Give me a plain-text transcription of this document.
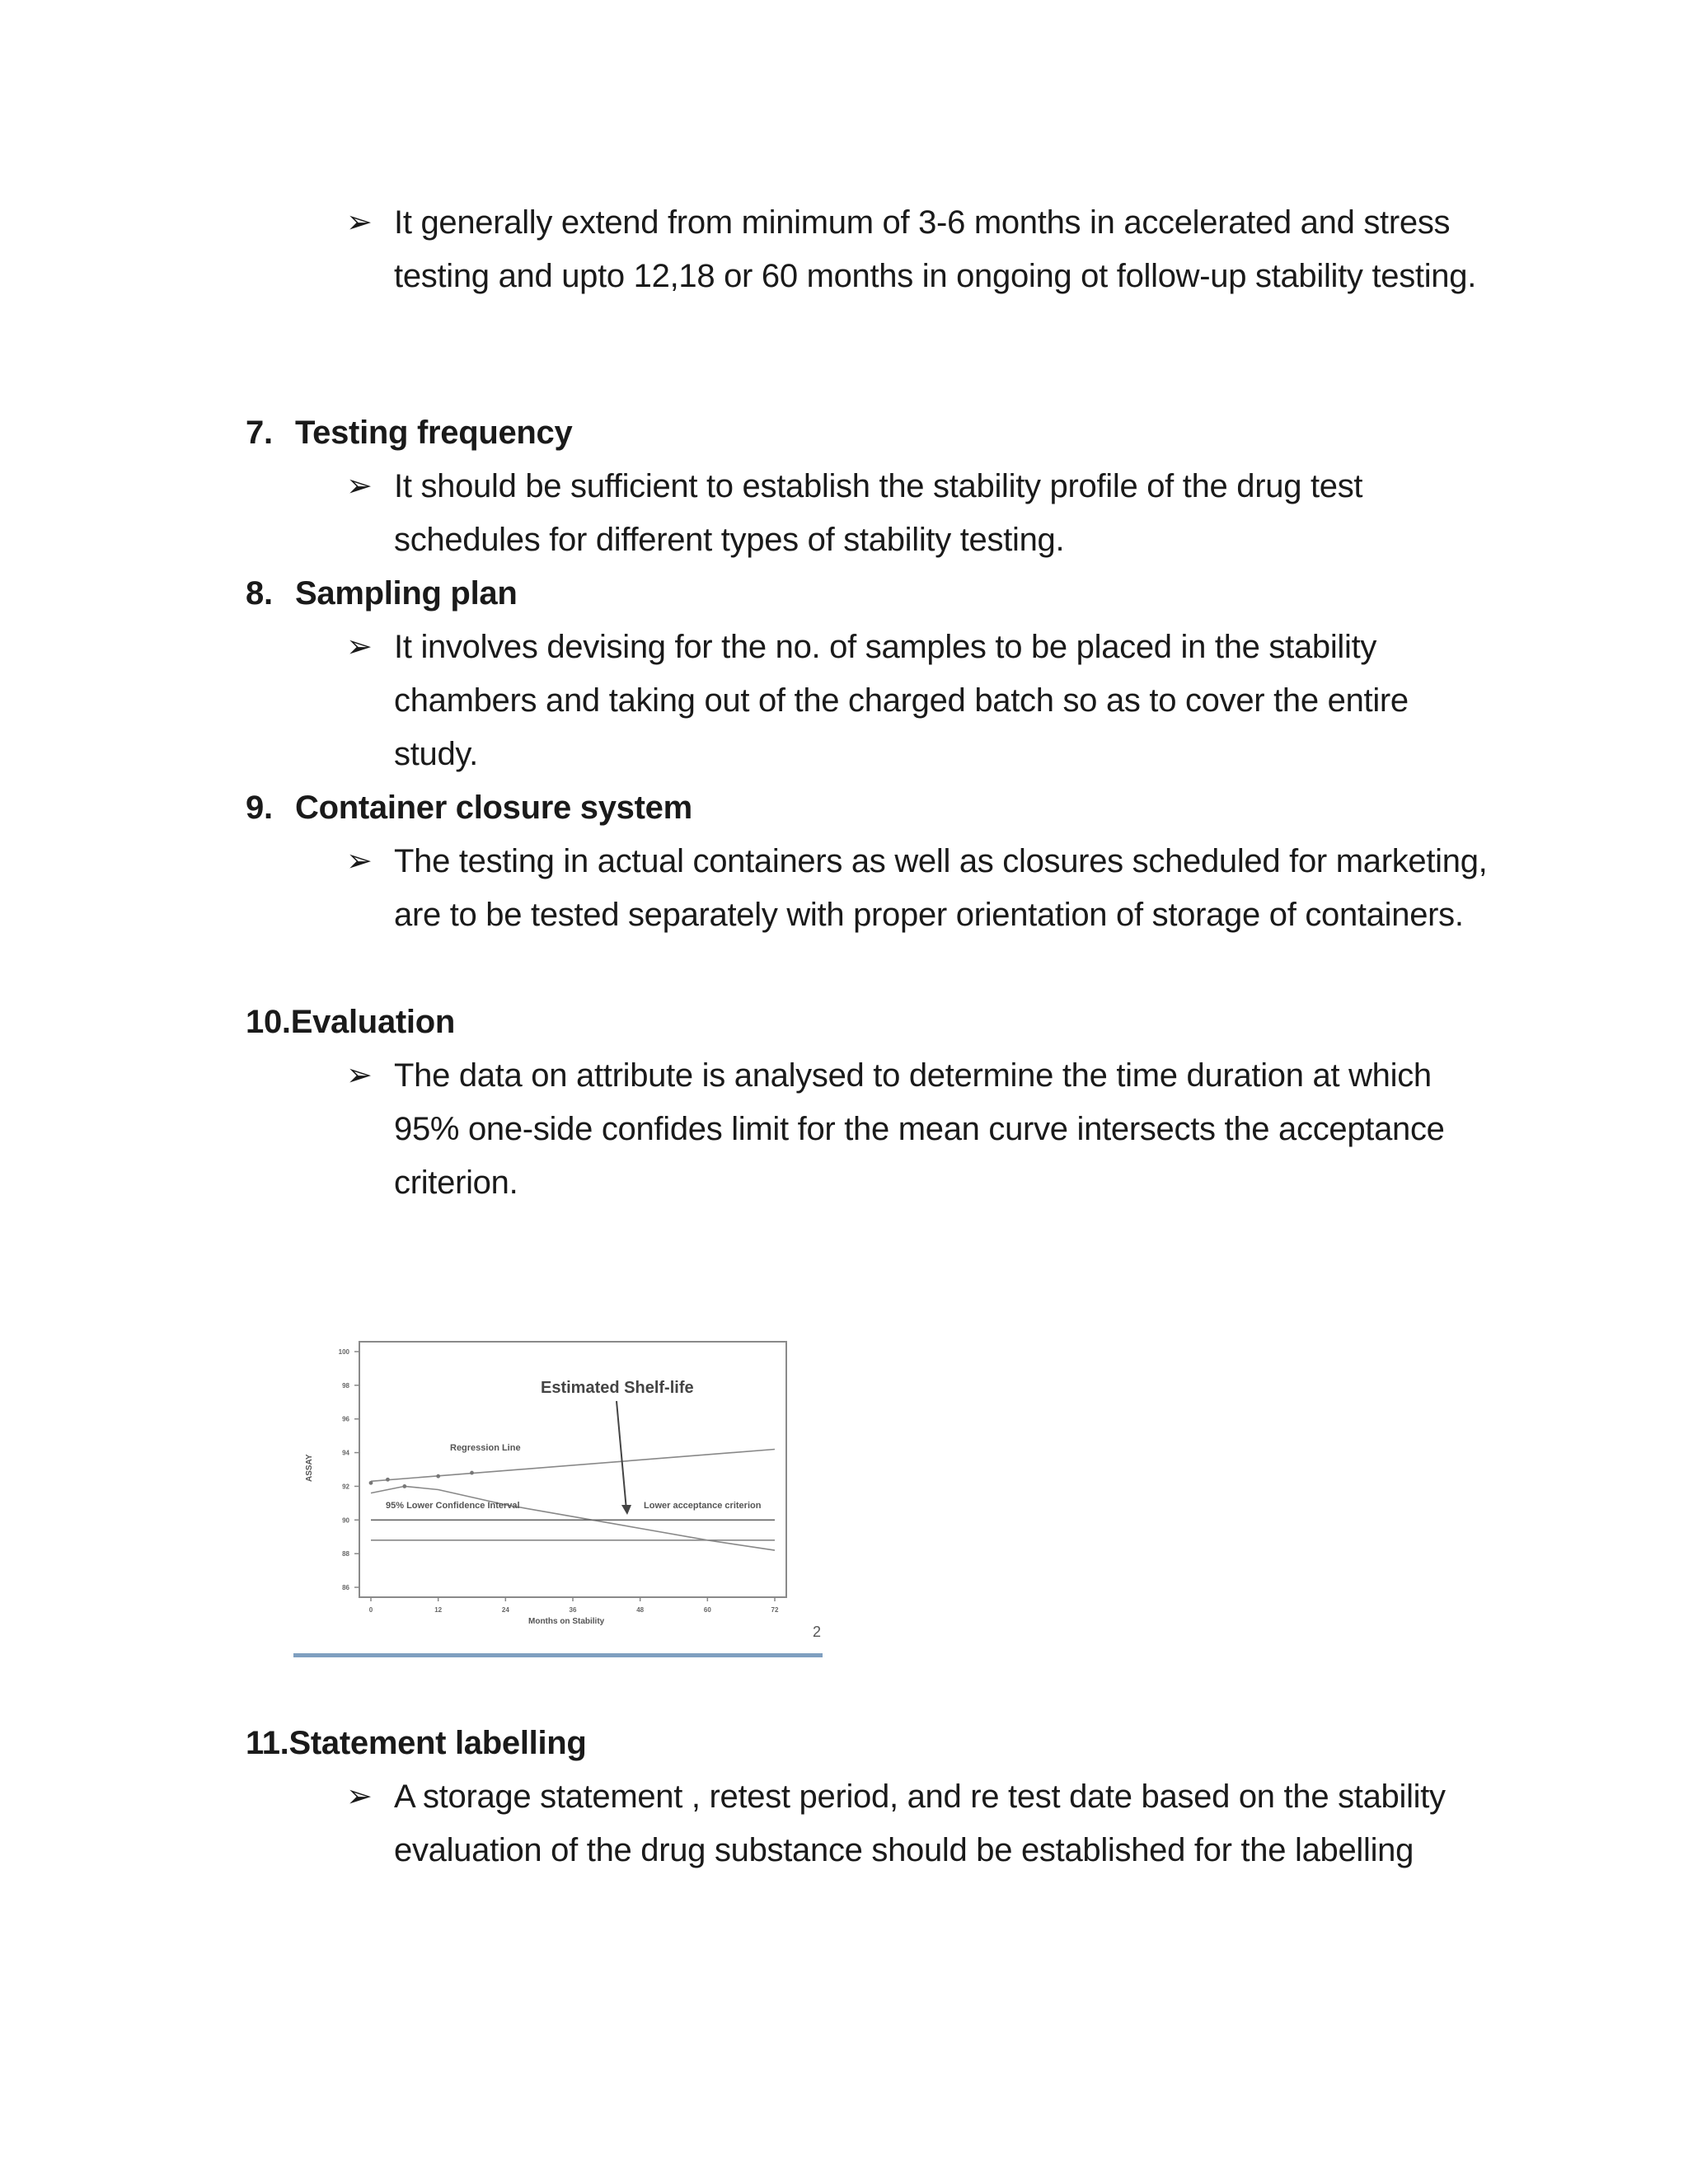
➢ It generally extend from minimum of 3-6 months in accelerated and stress testing and upto 12,18 or 60 months in ongoing ot follow-up stability testing.
7. Testing frequency
➢ It should be sufficient to establish the stability profile of the drug test schedules for different types of stability testing.
8. Sampling plan
➢ It involves devising for the no. of samples to be placed in the stability chambers and taking out of the charged batch so as to cover the entire study.
9. Container closure system
➢ The testing in actual containers as well as closures scheduled for marketing, are to be tested separately with proper orientation of storage of containers.
10.Evaluation
➢ The data on attribute is analysed to determine the time duration at which 95% one-side confides limit for the mean curve intersects the acceptance criterion.
100
98
96
94
92
90
88
86
0	12	24	36	48	60	72
Estimated Shelf-life
Regression Line
95% Lower Confidence Interval	Lower acceptance criterion
Months on Stability
ASSAY
2
11.Statement labelling
➢ A storage statement , retest period, and re test date based on the stability evaluation of the drug substance should be established for the labelling
